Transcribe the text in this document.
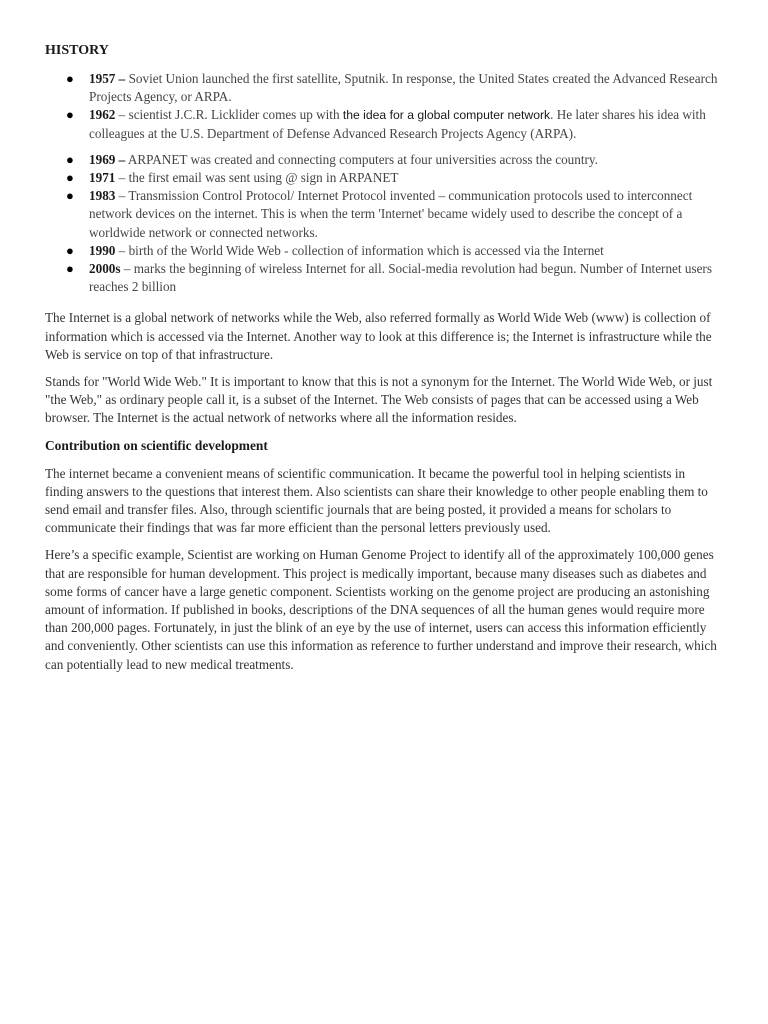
HISTORY
● 1957 – Soviet Union launched the first satellite, Sputnik. In response, the United States created the Advanced Research Projects Agency, or ARPA.
● 1962 – scientist J.C.R. Licklider comes up with the idea for a global computer network. He later shares his idea with colleagues at the U.S. Department of Defense Advanced Research Projects Agency (ARPA).
● 1969 – ARPANET was created and connecting computers at four universities across the country.
● 1971 – the first email was sent using @ sign in ARPANET
● 1983 – Transmission Control Protocol/ Internet Protocol invented – communication protocols used to interconnect network devices on the internet. This is when the term 'Internet' became widely used to describe the concept of a worldwide network or connected networks.
● 1990 – birth of the World Wide Web - collection of information which is accessed via the Internet
● 2000s – marks the beginning of wireless Internet for all. Social-media revolution had begun. Number of Internet users reaches 2 billion

The Internet is a global network of networks while the Web, also referred formally as World Wide Web (www) is collection of information which is accessed via the Internet. Another way to look at this difference is; the Internet is infrastructure while the Web is service on top of that infrastructure.

Stands for "World Wide Web." It is important to know that this is not a synonym for the Internet. The World Wide Web, or just "the Web," as ordinary people call it, is a subset of the Internet. The Web consists of pages that can be accessed using a Web browser. The Internet is the actual network of networks where all the information resides.

Contribution on scientific development

The internet became a convenient means of scientific communication. It became the powerful tool in helping scientists in finding answers to the questions that interest them. Also scientists can share their knowledge to other people enabling them to send email and transfer files. Also, through scientific journals that are being posted, it provided a means for scholars to communicate their findings that was far more efficient than the personal letters previously used.

Here’s a specific example, Scientist are working on Human Genome Project to identify all of the approximately 100,000 genes that are responsible for human development. This project is medically important, because many diseases such as diabetes and some forms of cancer have a large genetic component. Scientists working on the genome project are producing an astonishing amount of information. If published in books, descriptions of the DNA sequences of all the human genes would require more than 200,000 pages. Fortunately, in just the blink of an eye by the use of internet, users can access this information efficiently and conveniently. Other scientists can use this information as reference to further understand and improve their research, which can potentially lead to new medical treatments.
